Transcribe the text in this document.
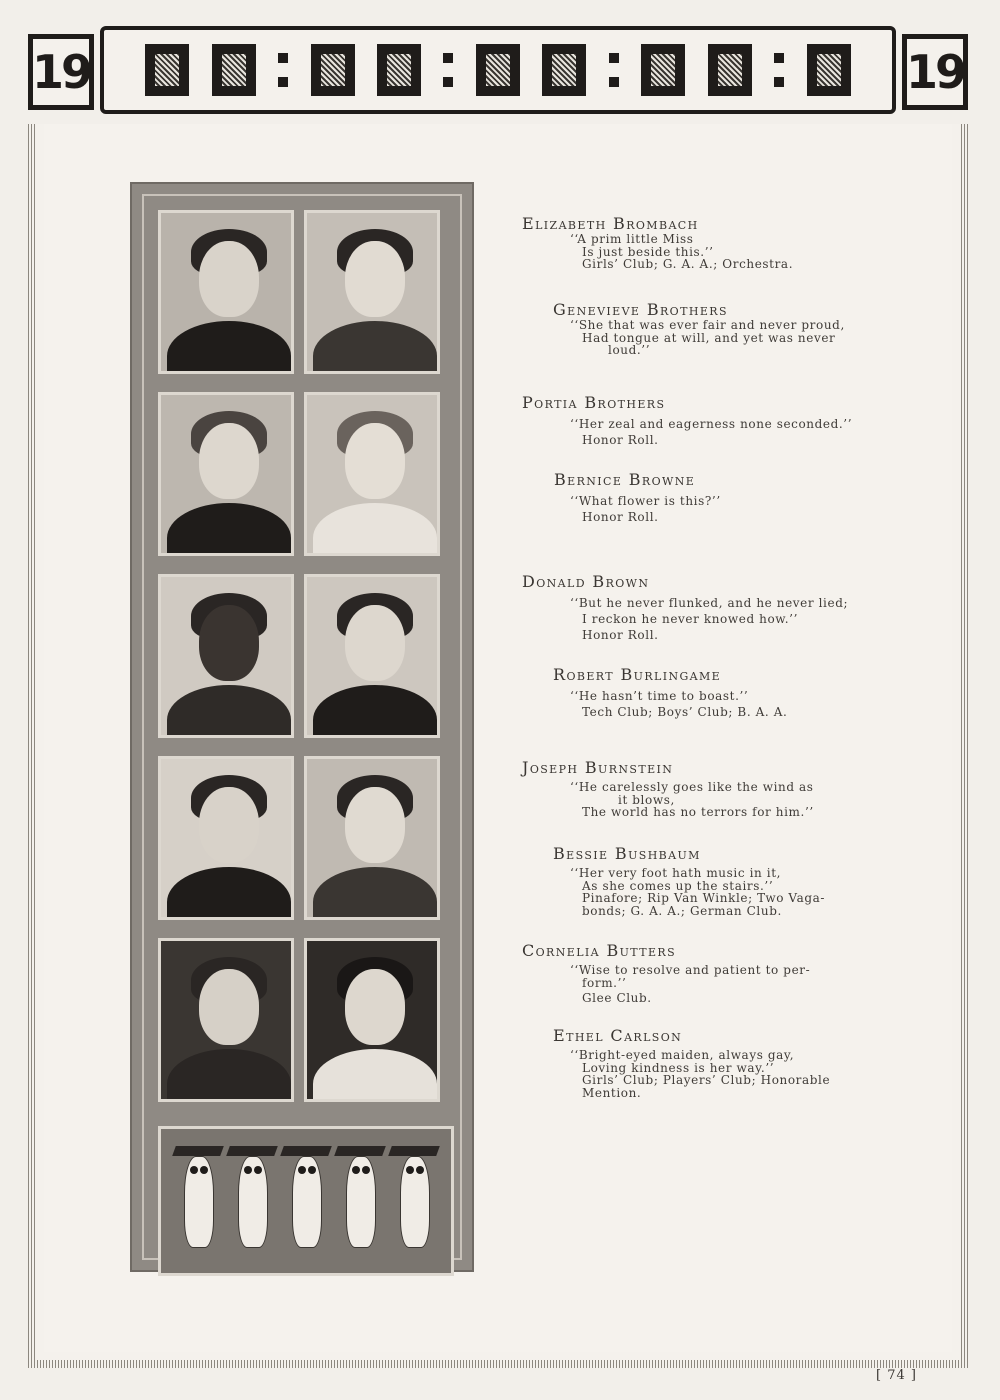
19	19
Elizabeth Brombach
‘‘A prim little Miss
Is just beside this.’’
Girls’ Club; G. A. A.; Orchestra.
Genevieve Brothers
‘‘She that was ever fair and never proud,
Had tongue at will, and yet was never
loud.’’
Portia Brothers
‘‘Her zeal and eagerness none seconded.’’
Honor Roll.
Bernice Browne
‘‘What flower is this?’’
Honor Roll.
Donald Brown
‘‘But he never flunked, and he never lied;
I reckon he never knowed how.’’
Honor Roll.
Robert Burlingame
‘‘He hasn’t time to boast.’’
Tech Club; Boys’ Club; B. A. A.
Joseph Burnstein
‘‘He carelessly goes like the wind as
it blows,
The world has no terrors for him.’’
Bessie Bushbaum
‘‘Her very foot hath music in it,
As she comes up the stairs.’’
Pinafore; Rip Van Winkle; Two Vaga-
bonds; G. A. A.; German Club.
Cornelia Butters
‘‘Wise to resolve and patient to per-
form.’’
Glee Club.
Ethel Carlson
‘‘Bright-eyed maiden, always gay,
Loving kindness is her way.’’
Girls’ Club; Players’ Club; Honorable
Mention.
[ 74 ]
